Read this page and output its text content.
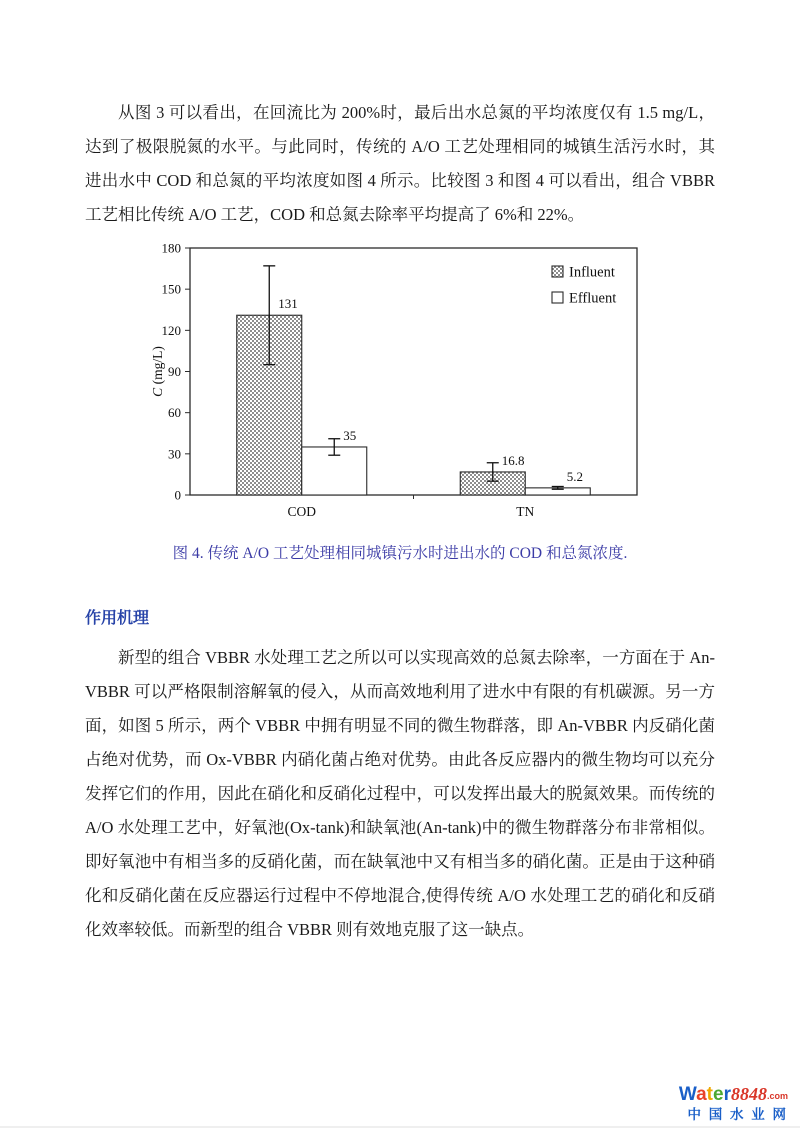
从图 3 可以看出，在回流比为 200%时，最后出水总氮的平均浓度仅有 1.5 mg/L，达到了极限脱氮的水平。与此同时，传统的 A/O 工艺处理相同的城镇生活污水时，其进出水中 COD 和总氮的平均浓度如图 4 所示。比较图 3 和图 4 可以看出，组合 VBBR 工艺相比传统 A/O 工艺，COD 和总氮去除率平均提高了 6%和 22%。

0
30
60
90
120
150
180
C (mg/L)
COD
131
35
TN
16.8
5.2
Influent
Effluent
图 4. 传统 A/O 工艺处理相同城镇污水时进出水的 COD 和总氮浓度.
作用机理

新型的组合 VBBR 水处理工艺之所以可以实现高效的总氮去除率，一方面在于 An-VBBR 可以严格限制溶解氧的侵入，从而高效地利用了进水中有限的有机碳源。另一方面，如图 5 所示，两个 VBBR 中拥有明显不同的微生物群落，即 An-VBBR 内反硝化菌占绝对优势，而 Ox-VBBR 内硝化菌占绝对优势。由此各反应器内的微生物均可以充分发挥它们的作用，因此在硝化和反硝化过程中，可以发挥出最大的脱氮效果。而传统的 A/O 水处理工艺中，好氧池(Ox-tank)和缺氧池(An-tank)中的微生物群落分布非常相似。即好氧池中有相当多的反硝化菌，而在缺氧池中又有相当多的硝化菌。正是由于这种硝化和反硝化菌在反应器运行过程中不停地混合,使得传统 A/O 水处理工艺的硝化和反硝化效率较低。而新型的组合 VBBR 则有效地克服了这一缺点。

Water8848.com
中 国 水 业 网
